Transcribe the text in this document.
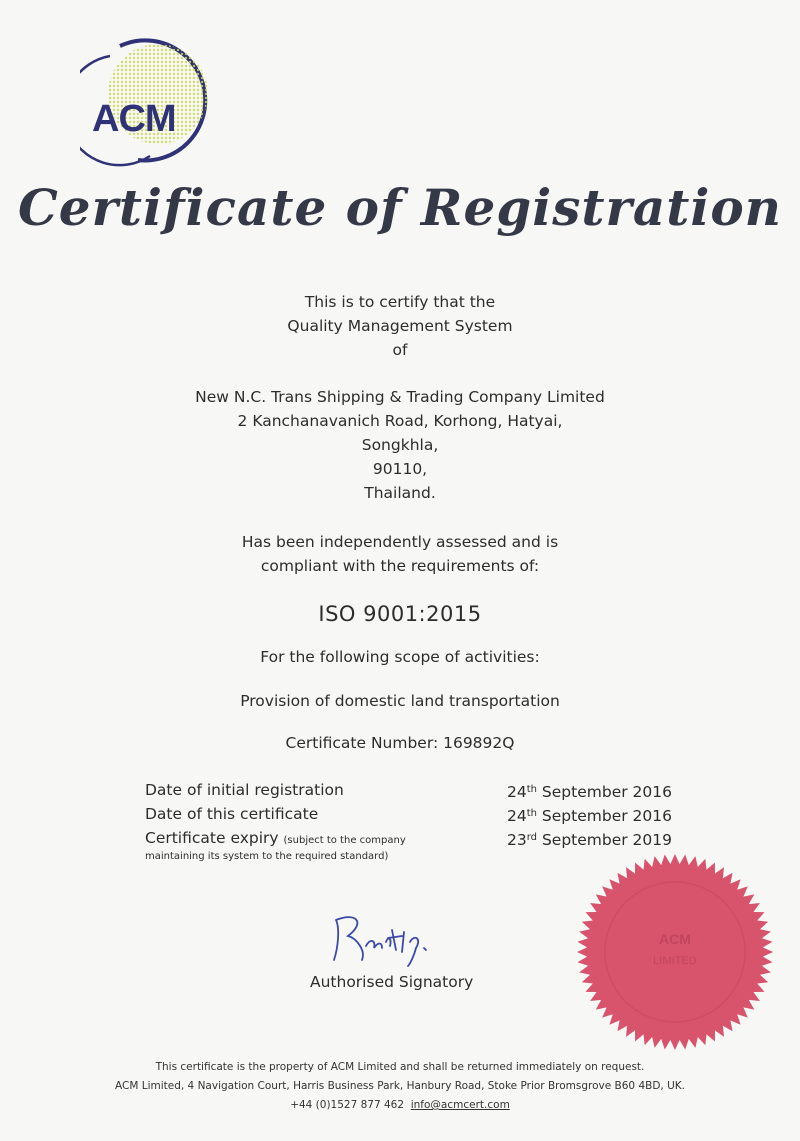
ACM
Certificate of Registration
This is to certify that the
Quality Management System
of
New N.C. Trans Shipping & Trading Company Limited
2 Kanchanavanich Road, Korhong, Hatyai,
Songkhla,
90110,
Thailand.
Has been independently assessed and is
compliant with the requirements of:
ISO 9001:2015
For the following scope of activities:
Provision of domestic land transportation
Certificate Number: 169892Q
Date of initial registration	24th September 2016
Date of this certificate	24th September 2016
Certificate expiry (subject to the company	23rd September 2019
maintaining its system to the required standard)
Authorised Signatory
ACM
LIMITED
This certificate is the property of ACM Limited and shall be returned immediately on request.
ACM Limited, 4 Navigation Court, Harris Business Park, Hanbury Road, Stoke Prior Bromsgrove B60 4BD, UK.
+44 (0)1527 877 462 info@acmcert.com
